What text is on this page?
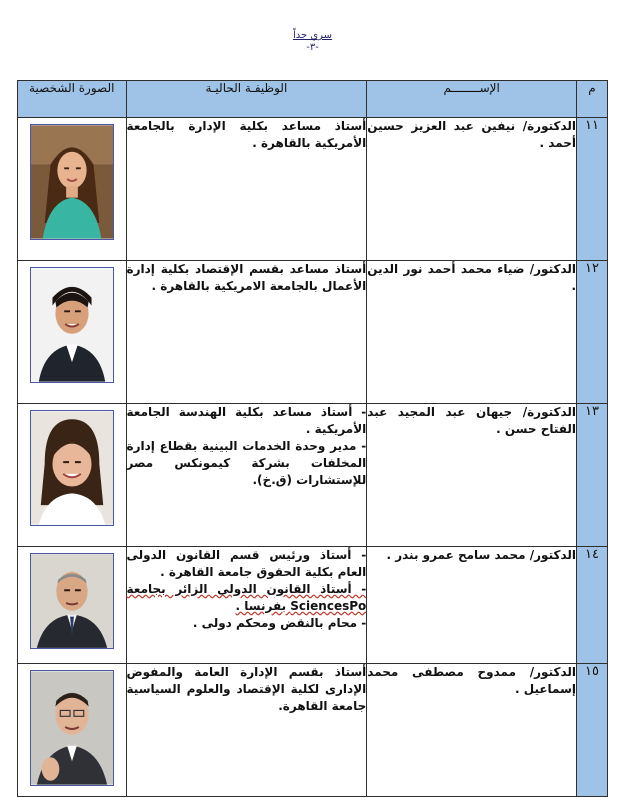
سري جداً
-٣-
م	الإســــــــم	الوظيفـة الحاليـة	الصورة الشخصية
١١	الدكتورة/ نيفين عبد العزيز حسين أحمد .	أستاذ مساعد بكلية الإدارة بالجامعة الأمريكية بالقاهرة .

١٢	الدكتور/ ضياء محمد أحمد نور الدين .	أستاذ مساعد بقسم الإقتصاد بكلية إدارة الأعمال بالجامعة الامريكية بالقاهرة .

١٣	الدكتورة/ جيهان عبد المجيد عبد الفتاح حسن .	- أستاذ مساعد بكلية الهندسة الجامعة الأمريكية .
- مدير وحدة الخدمات البينية بقطاع إدارة المخلفات بشركة كيمونكس مصر للإستشارات (ق.خ).

١٤	الدكتور/ محمد سامح عمرو بندر .	- أستاذ ورئيس قسم القانون الدولى العام بكلية الحقوق جامعة القاهرة .
- أستاذ القانون الدولى الزائر بجامعة SciencesPo بفرنسا .
- محام بالنقض ومحكم دولى .

١٥	الدكتور/ ممدوح مصطفى محمد إسماعيل .	أستاذ بقسم الإدارة العامة والمفوض الإدارى لكلية الإقتصاد والعلوم السياسية جامعة القاهرة.
